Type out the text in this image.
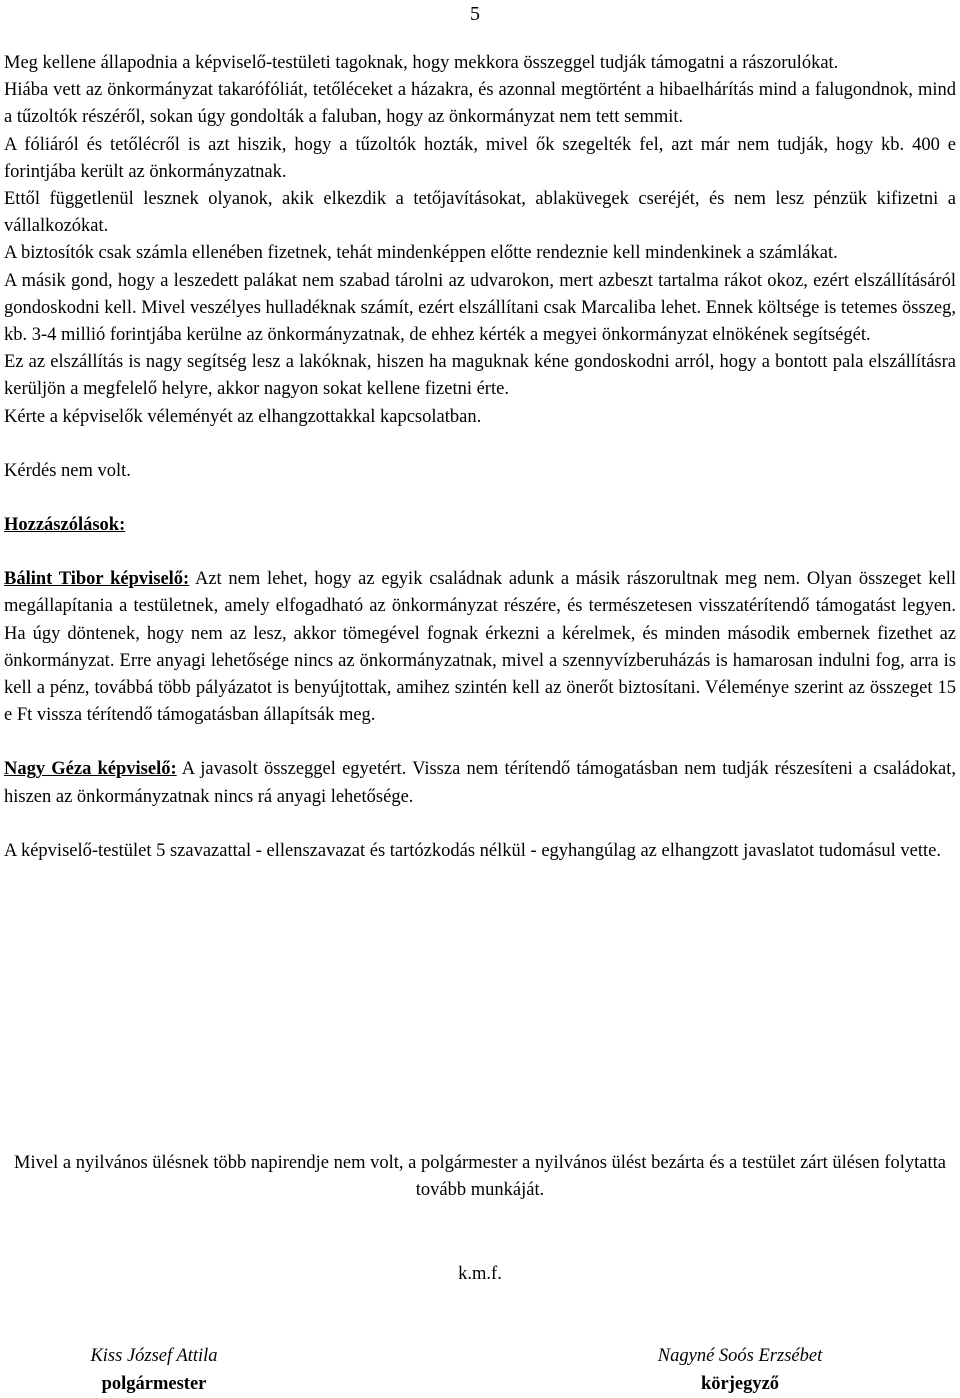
5

Meg kellene állapodnia a képviselő-testületi tagoknak, hogy mekkora összeggel tudják támogatni a rászorulókat.

Hiába vett az önkormányzat takarófóliát, tetőléceket a házakra, és azonnal megtörtént a hibaelhárítás mind a falugondnok, mind a tűzoltók részéről, sokan úgy gondolták a faluban, hogy az önkormányzat nem tett semmit.

A fóliáról és tetőlécről is azt hiszik, hogy a tűzoltók hozták, mivel ők szegelték fel, azt már nem tudják, hogy kb. 400 e forintjába került az önkormányzatnak.

Ettől függetlenül lesznek olyanok, akik elkezdik a tetőjavításokat, ablaküvegek cseréjét, és nem lesz pénzük kifizetni a vállalkozókat.

A biztosítók csak számla ellenében fizetnek, tehát mindenképpen előtte rendeznie kell mindenkinek a számlákat.

A másik gond, hogy a leszedett palákat nem szabad tárolni az udvarokon, mert azbeszt tartalma rákot okoz, ezért elszállításáról gondoskodni kell. Mivel veszélyes hulladéknak számít, ezért elszállítani csak Marcaliba lehet. Ennek költsége is tetemes összeg, kb. 3-4 millió forintjába kerülne az önkormányzatnak, de ehhez kérték a megyei önkormányzat elnökének segítségét.

Ez az elszállítás is nagy segítség lesz a lakóknak, hiszen ha maguknak kéne gondoskodni arról, hogy a bontott pala elszállításra kerüljön a megfelelő helyre, akkor nagyon sokat kellene fizetni érte.

Kérte a képviselők véleményét az elhangzottakkal kapcsolatban.

Kérdés nem volt.

Hozzászólások:

Bálint Tibor képviselő: Azt nem lehet, hogy az egyik családnak adunk a másik rászorultnak meg nem. Olyan összeget kell megállapítania a testületnek, amely elfogadható az önkormányzat részére, és természetesen visszatérítendő támogatást legyen. Ha úgy döntenek, hogy nem az lesz, akkor tömegével fognak érkezni a kérelmek, és minden második embernek fizethet az önkormányzat. Erre anyagi lehetősége nincs az önkormányzatnak, mivel a szennyvízberuházás is hamarosan indulni fog, arra is kell a pénz, továbbá több pályázatot is benyújtottak, amihez szintén kell az önerőt biztosítani. Véleménye szerint az összeget 15 e Ft vissza térítendő támogatásban állapítsák meg.

Nagy Géza képviselő: A javasolt összeggel egyetért. Vissza nem térítendő támogatásban nem tudják részesíteni a családokat, hiszen az önkormányzatnak nincs rá anyagi lehetősége.

A képviselő-testület 5 szavazattal - ellenszavazat és tartózkodás nélkül - egyhangúlag az elhangzott javaslatot tudomásul vette.

Mivel a nyilvános ülésnek több napirendje nem volt, a polgármester a nyilvános ülést bezárta és a testület zárt ülésen folytatta tovább munkáját.
k.m.f.
Kiss József Attila
polgármester
Nagyné Soós Erzsébet
körjegyző
